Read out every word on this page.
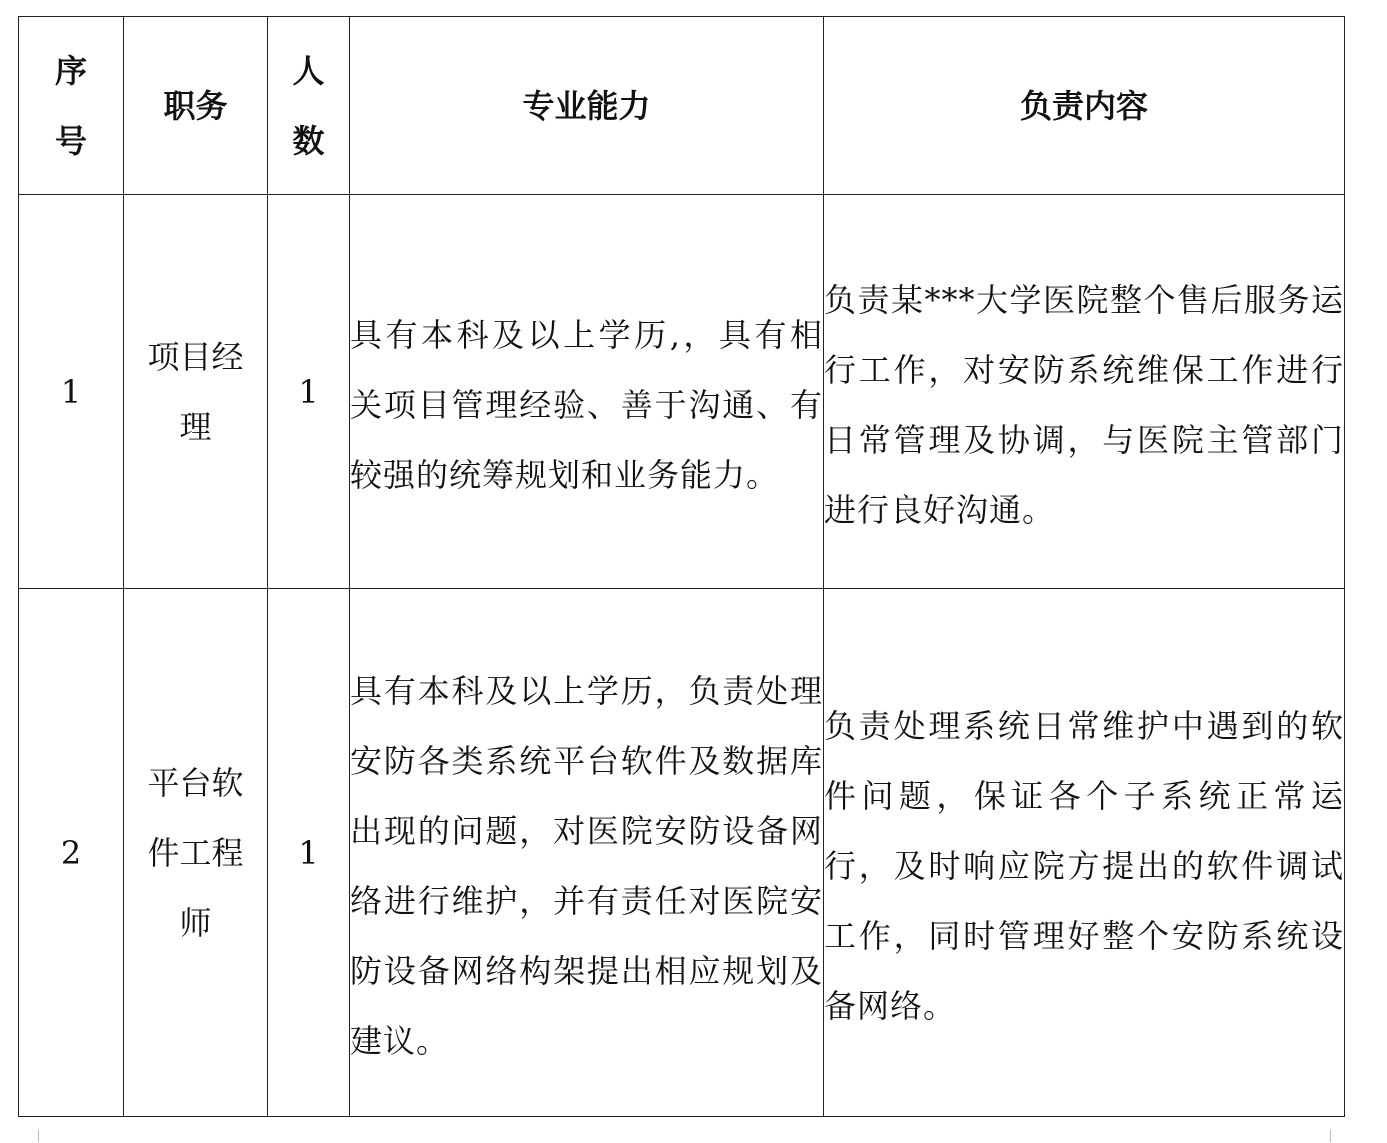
序号	职务	人数	专业能力	负责内容
1	项目经理	1	具有本科及以上学历,，具有相关项目管理经验、善于沟通、有较强的统筹规划和业务能力。	负责某***大学医院整个售后服务运行工作，对安防系统维保工作进行日常管理及协调，与医院主管部门进行良好沟通。

2	平台软件工程师	1	具有本科及以上学历，负责处理安防各类系统平台软件及数据库出现的问题，对医院安防设备网络进行维护，并有责任对医院安防设备网络构架提出相应规划及建议。	负责处理系统日常维护中遇到的软件问题，保证各个子系统正常运行，及时响应院方提出的软件调试工作，同时管理好整个安防系统设备网络。
